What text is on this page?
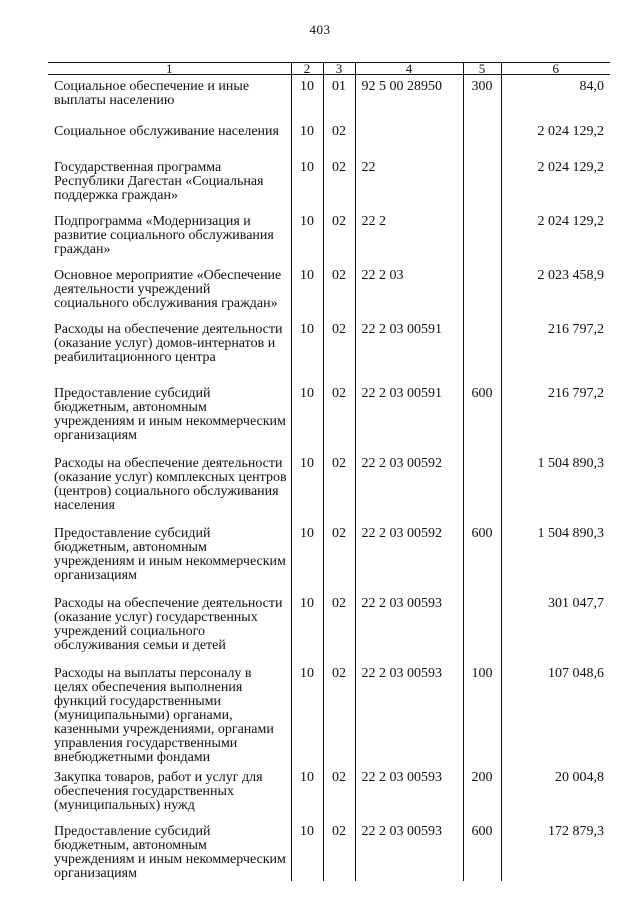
403
1	2	3	4	5	6
Социальное обеспечение и иные выплаты населению	10	01	92 5 00 28950	300	84,0
Социальное обслуживание населения	10	02			2 024 129,2
Государственная программа Республики Дагестан «Социальная поддержка граждан»	10	02	22		2 024 129,2
Подпрограмма «Модернизация и развитие социального обслуживания граждан»	10	02	22 2		2 024 129,2
Основное мероприятие «Обеспечение деятельности учреждений социального обслуживания граждан»	10	02	22 2 03		2 023 458,9
Расходы на обеспечение деятельности (оказание услуг) домов-интернатов и реабилитационного центра	10	02	22 2 03 00591		216 797,2
Предоставление субсидий бюджетным, автономным учреждениям и иным некоммерческим организациям	10	02	22 2 03 00591	600	216 797,2
Расходы на обеспечение деятельности (оказание услуг) комплексных центров (центров) социального обслуживания населения	10	02	22 2 03 00592		1 504 890,3
Предоставление субсидий бюджетным, автономным учреждениям и иным некоммерческим организациям	10	02	22 2 03 00592	600	1 504 890,3
Расходы на обеспечение деятельности (оказание услуг) государственных учреждений социального обслуживания семьи и детей	10	02	22 2 03 00593		301 047,7
Расходы на выплаты персоналу в целях обеспечения выполнения функций государственными (муниципальными) органами, казенными учреждениями, органами управления государственными внебюджетными фондами	10	02	22 2 03 00593	100	107 048,6
Закупка товаров, работ и услуг для обеспечения государственных (муниципальных) нужд	10	02	22 2 03 00593	200	20 004,8
Предоставление субсидий бюджетным, автономным учреждениям и иным некоммерческим организациям	10	02	22 2 03 00593	600	172 879,3
